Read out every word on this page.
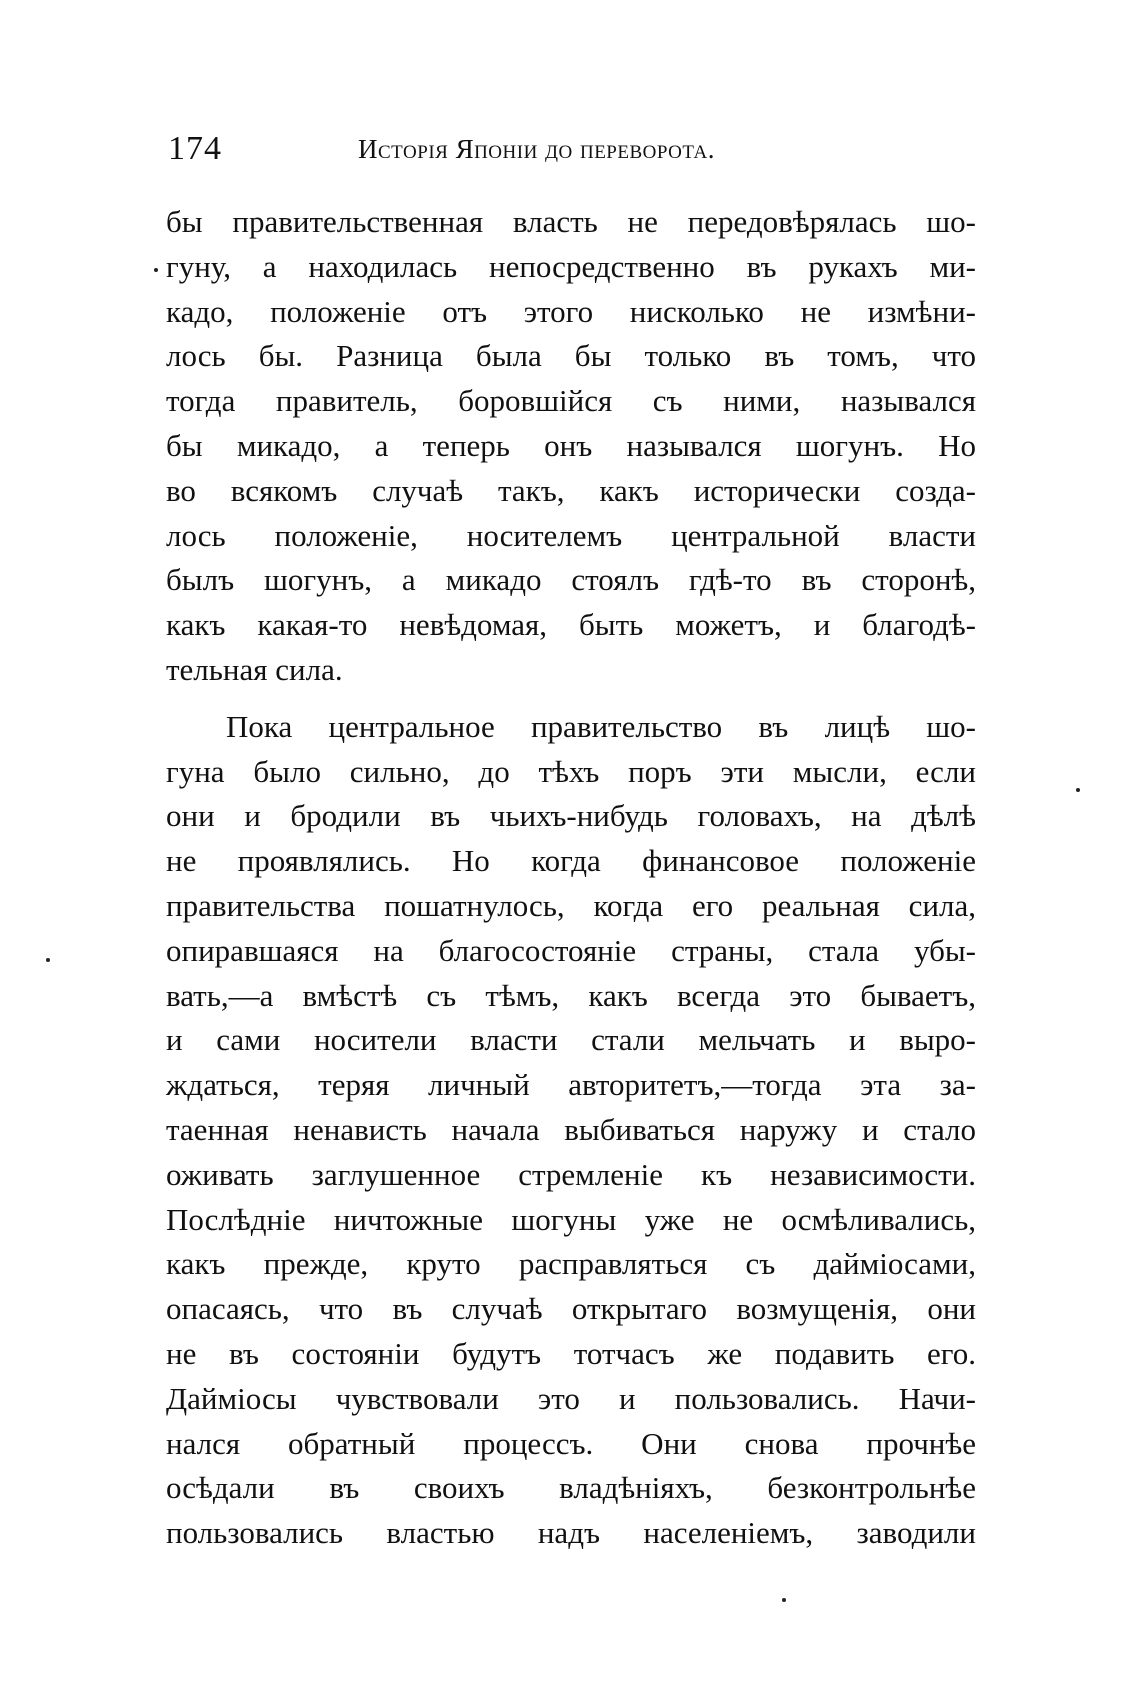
174	Исторія Японіи до переворота.
бы правительственная власть не передовѣрялась шо-
гуну, а находилась непосредственно въ рукахъ ми-
кадо, положеніе отъ этого нисколько не измѣни-
лось бы. Разница была бы только въ томъ, что
тогда правитель, боровшійся съ ними, назывался
бы микадо, а теперь онъ назывался шогунъ. Но
во всякомъ случаѣ такъ, какъ исторически созда-
лось положеніе, носителемъ центральной власти
былъ шогунъ, а микадо стоялъ гдѣ-то въ сторонѣ,
какъ какая-то невѣдомая, быть можетъ, и благодѣ-
тельная сила.
Пока центральное правительство въ лицѣ шо-
гуна было сильно, до тѣхъ поръ эти мысли, если
они и бродили въ чьихъ-нибудь головахъ, на дѣлѣ
не проявлялись. Но когда финансовое положеніе
правительства пошатнулось, когда его реальная сила,
опиравшаяся на благосостояніе страны, стала убы-
вать,—а вмѣстѣ съ тѣмъ, какъ всегда это бываетъ,
и сами носители власти стали мельчать и выро-
ждаться, теряя личный авторитетъ,—тогда эта за-
таенная ненависть начала выбиваться наружу и стало
оживать заглушенное стремленіе къ независимости.
Послѣдніе ничтожные шогуны уже не осмѣливались,
какъ прежде, круто расправляться съ даймiосами,
опасаясь, что въ случаѣ открытаго возмущенія, они
не въ состояніи будутъ тотчасъ же подавить его.
Даймiосы чувствовали это и пользовались. Начи-
нался обратный процессъ. Они снова прочнѣе
осѣдали въ своихъ владѣніяхъ, безконтрольнѣе
пользовались властью надъ населеніемъ, заводили
